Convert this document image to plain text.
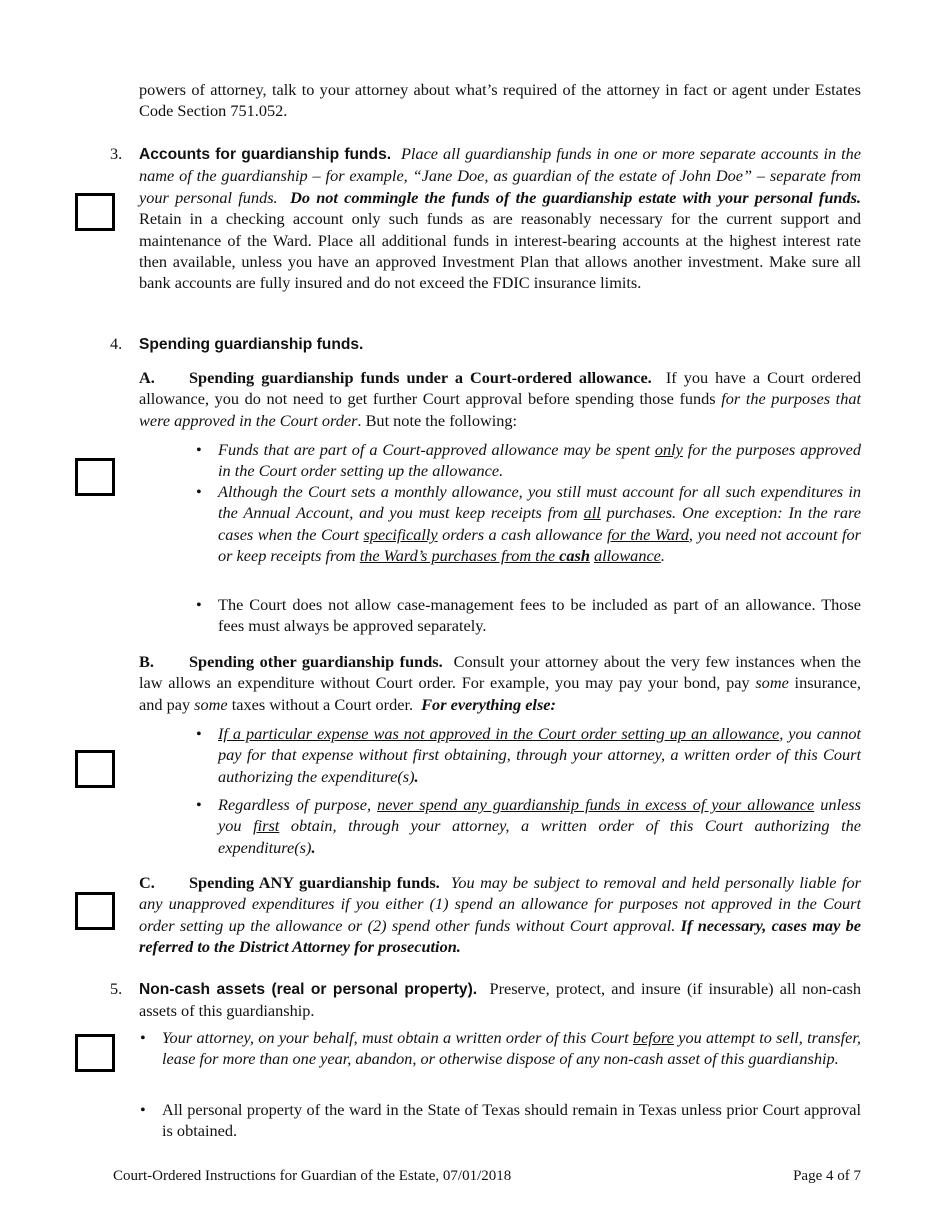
powers of attorney, talk to your attorney about what’s required of the attorney in fact or agent under Estates Code Section 751.052.

3. Accounts for guardianship funds. Place all guardianship funds in one or more separate accounts in the name of the guardianship – for example, “Jane Doe, as guardian of the estate of John Doe” – separate from your personal funds. Do not commingle the funds of the guardianship estate with your personal funds. Retain in a checking account only such funds as are reasonably necessary for the current support and maintenance of the Ward. Place all additional funds in interest-bearing accounts at the highest interest rate then available, unless you have an approved Investment Plan that allows another investment. Make sure all bank accounts are fully insured and do not exceed the FDIC insurance limits.

4. Spending guardianship funds.

A. Spending guardianship funds under a Court-ordered allowance. If you have a Court ordered allowance, you do not need to get further Court approval before spending those funds for the purposes that were approved in the Court order. But note the following:

• Funds that are part of a Court-approved allowance may be spent only for the purposes approved in the Court order setting up the allowance.

• Although the Court sets a monthly allowance, you still must account for all such expenditures in the Annual Account, and you must keep receipts from all purchases. One exception: In the rare cases when the Court specifically orders a cash allowance for the Ward, you need not account for or keep receipts from the Ward’s purchases from the cash allowance.

• The Court does not allow case-management fees to be included as part of an allowance. Those fees must always be approved separately.

B. Spending other guardianship funds. Consult your attorney about the very few instances when the law allows an expenditure without Court order. For example, you may pay your bond, pay some insurance, and pay some taxes without a Court order. For everything else:

• If a particular expense was not approved in the Court order setting up an allowance, you cannot pay for that expense without first obtaining, through your attorney, a written order of this Court authorizing the expenditure(s).

• Regardless of purpose, never spend any guardianship funds in excess of your allowance unless you first obtain, through your attorney, a written order of this Court authorizing the expenditure(s).

C. Spending ANY guardianship funds. You may be subject to removal and held personally liable for any unapproved expenditures if you either (1) spend an allowance for purposes not approved in the Court order setting up the allowance or (2) spend other funds without Court approval. If necessary, cases may be referred to the District Attorney for prosecution.

5. Non-cash assets (real or personal property). Preserve, protect, and insure (if insurable) all non-cash assets of this guardianship.

• Your attorney, on your behalf, must obtain a written order of this Court before you attempt to sell, transfer, lease for more than one year, abandon, or otherwise dispose of any non-cash asset of this guardianship.

• All personal property of the ward in the State of Texas should remain in Texas unless prior Court approval is obtained.

Court-Ordered Instructions for Guardian of the Estate, 07/01/2018	Page 4 of 7
